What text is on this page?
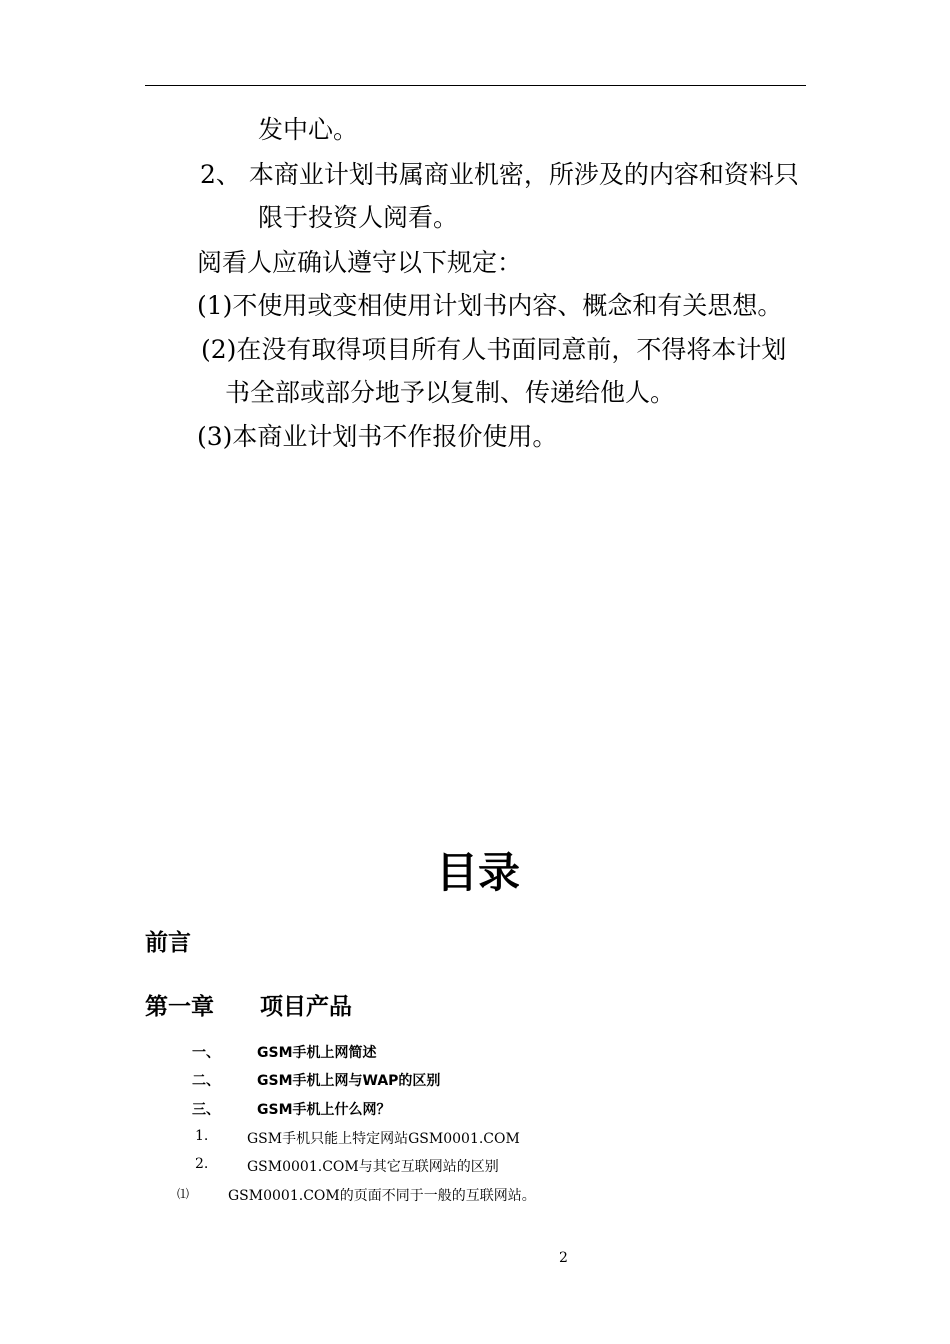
发中心。
2、 本商业计划书属商业机密，所涉及的内容和资料只
限于投资人阅看。
阅看人应确认遵守以下规定：
(1)不使用或变相使用计划书内容、概念和有关思想。
(2)在没有取得项目所有人书面同意前，不得将本计划
书全部或部分地予以复制、传递给他人。
(3)本商业计划书不作报价使用。
目录
前言
第一章 项目产品
一、	GSM手机上网简述
二、	GSM手机上网与WAP的区别
三、	GSM手机上什么网？
1.	GSM手机只能上特定网站GSM0001.COM
2.	GSM0001.COM与其它互联网站的区别
⑴	GSM0001.COM的页面不同于一般的互联网站。
2
